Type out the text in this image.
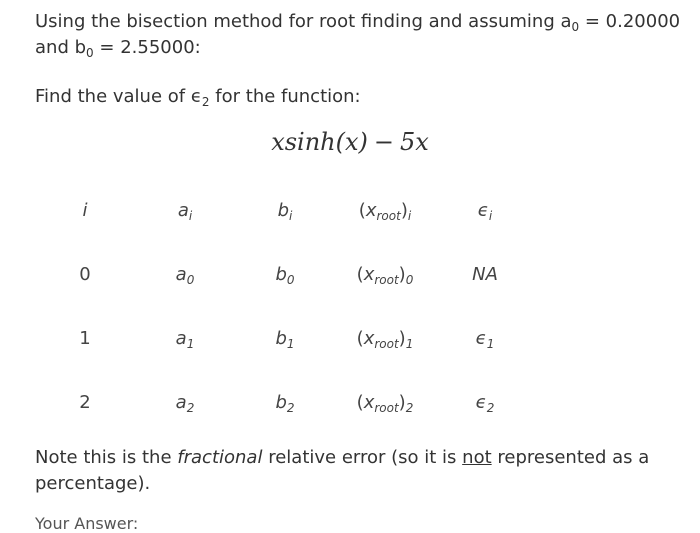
Using the bisection method for root finding and assuming $a_0 = 0.20000$ and $b_0 = 2.55000$:
Find the value of $\epsilon_2$ for the function:
xsinh(x) − 5x
i	$a_i$	$b_i$	$(x_{root})_i$	$\epsilon_i$
0	$a_0$	$b_0$	$(x_{root})_0$	NA
1	$a_1$	$b_1$	$(x_{root})_1$	$\epsilon_1$
2	$a_2$	$b_2$	$(x_{root})_2$	$\epsilon_2$
Note this is the fractional relative error (so it is not represented as a percentage).
Your Answer:
